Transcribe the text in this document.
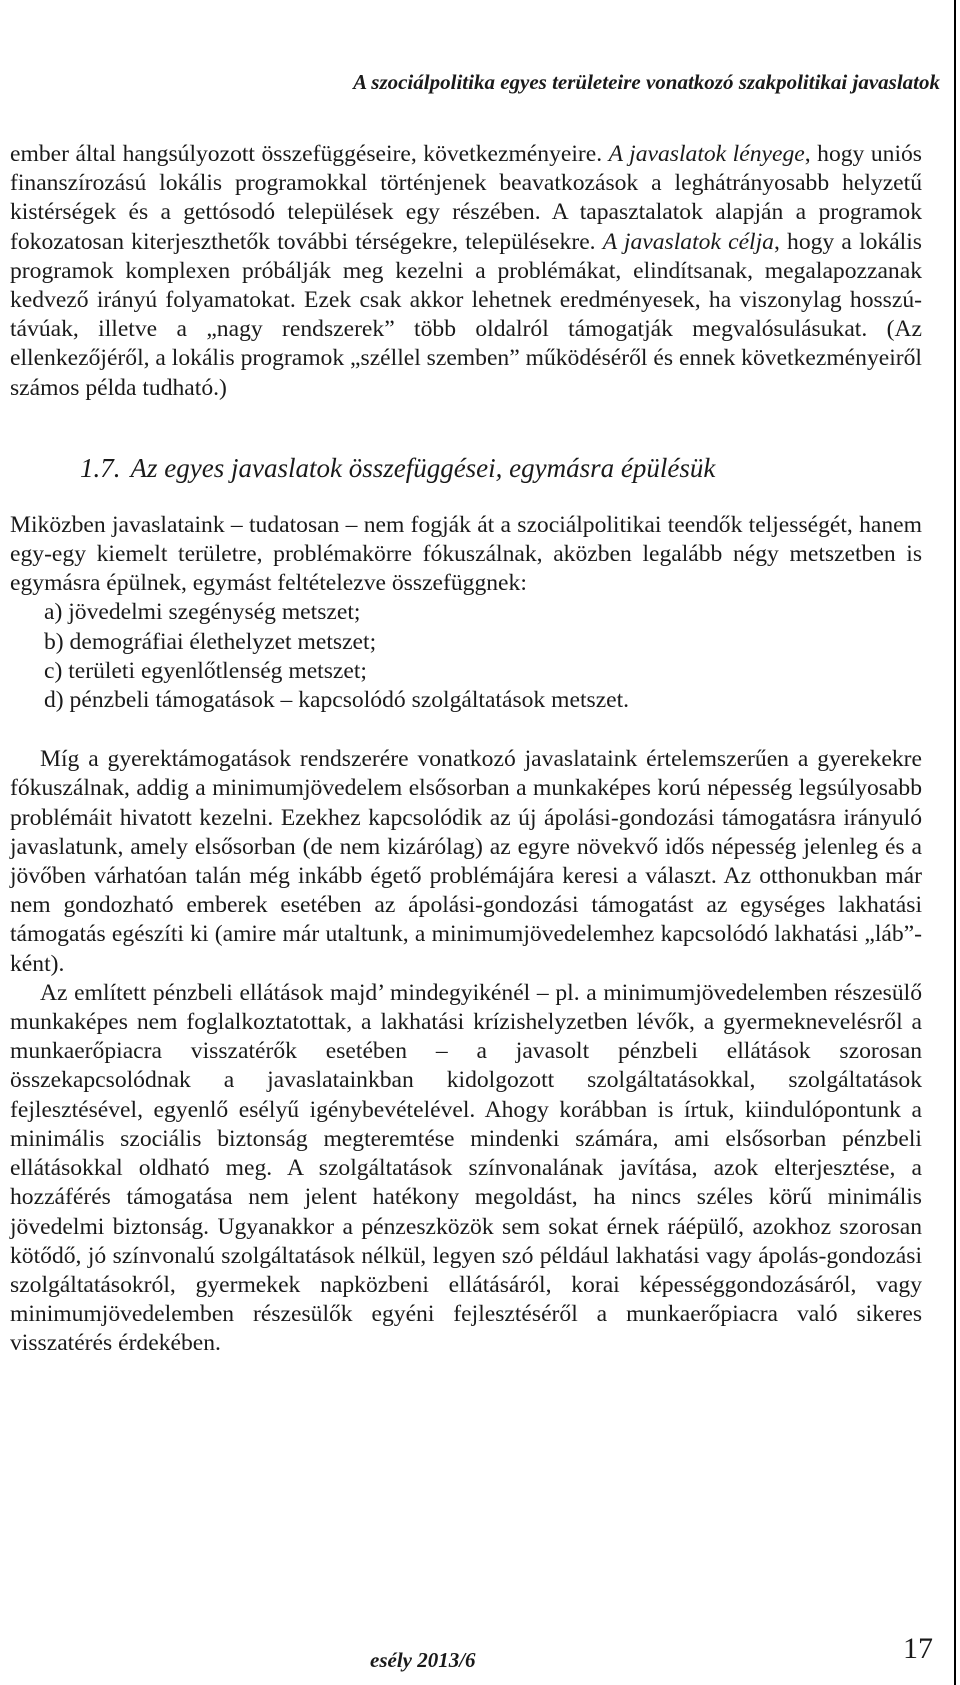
A szociálpolitika egyes területeire vonatkozó szakpolitikai javaslatok

ember által hangsúlyozott összefüggéseire, következményeire. A javaslatok lényege, hogy uniós finanszírozású lokális programokkal történjenek beavatkozások a leghátrányosabb helyzetű kistérségek és a gettósodó települések egy részében. A tapasztalatok alapján a programok fokozatosan kiterjeszthetők további térségekre, településekre. A javaslatok célja, hogy a lokális programok komplexen próbálják meg kezelni a problémákat, elindítsanak, megalapozzanak kedvező irányú folyamatokat. Ezek csak akkor lehetnek eredményesek, ha viszonylag hosszú-távúak, illetve a „nagy rendszerek” több oldalról támogatják megvalósulásukat. (Az ellenkezőjéről, a lokális programok „széllel szemben” működéséről és ennek következményeiről számos példa tudható.)

1.7. Az egyes javaslatok összefüggései, egymásra épülésük

Miközben javaslataink – tudatosan – nem fogják át a szociálpolitikai teendők teljességét, hanem egy-egy kiemelt területre, problémakörre fókuszálnak, aközben legalább négy metszetben is egymásra épülnek, egymást feltételezve összefüggnek:

a) jövedelmi szegénység metszet;
b) demográfiai élethelyzet metszet;
c) területi egyenlőtlenség metszet;
d) pénzbeli támogatások – kapcsolódó szolgáltatások metszet.

Míg a gyerektámogatások rendszerére vonatkozó javaslataink értelemszerűen a gyerekekre fókuszálnak, addig a minimumjövedelem elsősorban a munkaképes korú népesség legsúlyosabb problémáit hivatott kezelni. Ezekhez kapcsolódik az új ápolási-gondozási támogatásra irányuló javaslatunk, amely elsősorban (de nem kizárólag) az egyre növekvő idős népesség jelenleg és a jövőben várhatóan talán még inkább égető problémájára keresi a választ. Az otthonukban már nem gondozható emberek esetében az ápolási-gondozási támogatást az egységes lakhatási támogatás egészíti ki (amire már utaltunk, a minimumjövedelemhez kapcsolódó lakhatási „láb”- ként).

Az említett pénzbeli ellátások majd’ mindegyikénél – pl. a minimumjövedelemben részesülő munkaképes nem foglalkoztatottak, a lakhatási krízishelyzetben lévők, a gyermeknevelésről a munkaerőpiacra visszatérők esetében – a javasolt pénzbeli ellátások szorosan összekapcsolódnak a javaslatainkban kidolgozott szolgáltatásokkal, szolgáltatások fejlesztésével, egyenlő esélyű igénybevételével. Ahogy korábban is írtuk, kiindulópontunk a minimális szociális biztonság megteremtése mindenki számára, ami elsősorban pénzbeli ellátásokkal oldható meg. A szolgáltatások színvonalának javítása, azok elterjesztése, a hozzáférés támogatása nem jelent hatékony megoldást, ha nincs széles körű minimális jövedelmi biztonság. Ugyanakkor a pénzeszközök sem sokat érnek ráépülő, azokhoz szorosan kötődő, jó színvonalú szolgáltatások nélkül, legyen szó például lakhatási vagy ápolás-gondozási szolgáltatásokról, gyermekek napközbeni ellátásáról, korai képességgondozásáról, vagy minimumjövedelemben részesülők egyéni fejlesztéséről a munkaerőpiacra való sikeres visszatérés érdekében.

esély 2013/6	17
